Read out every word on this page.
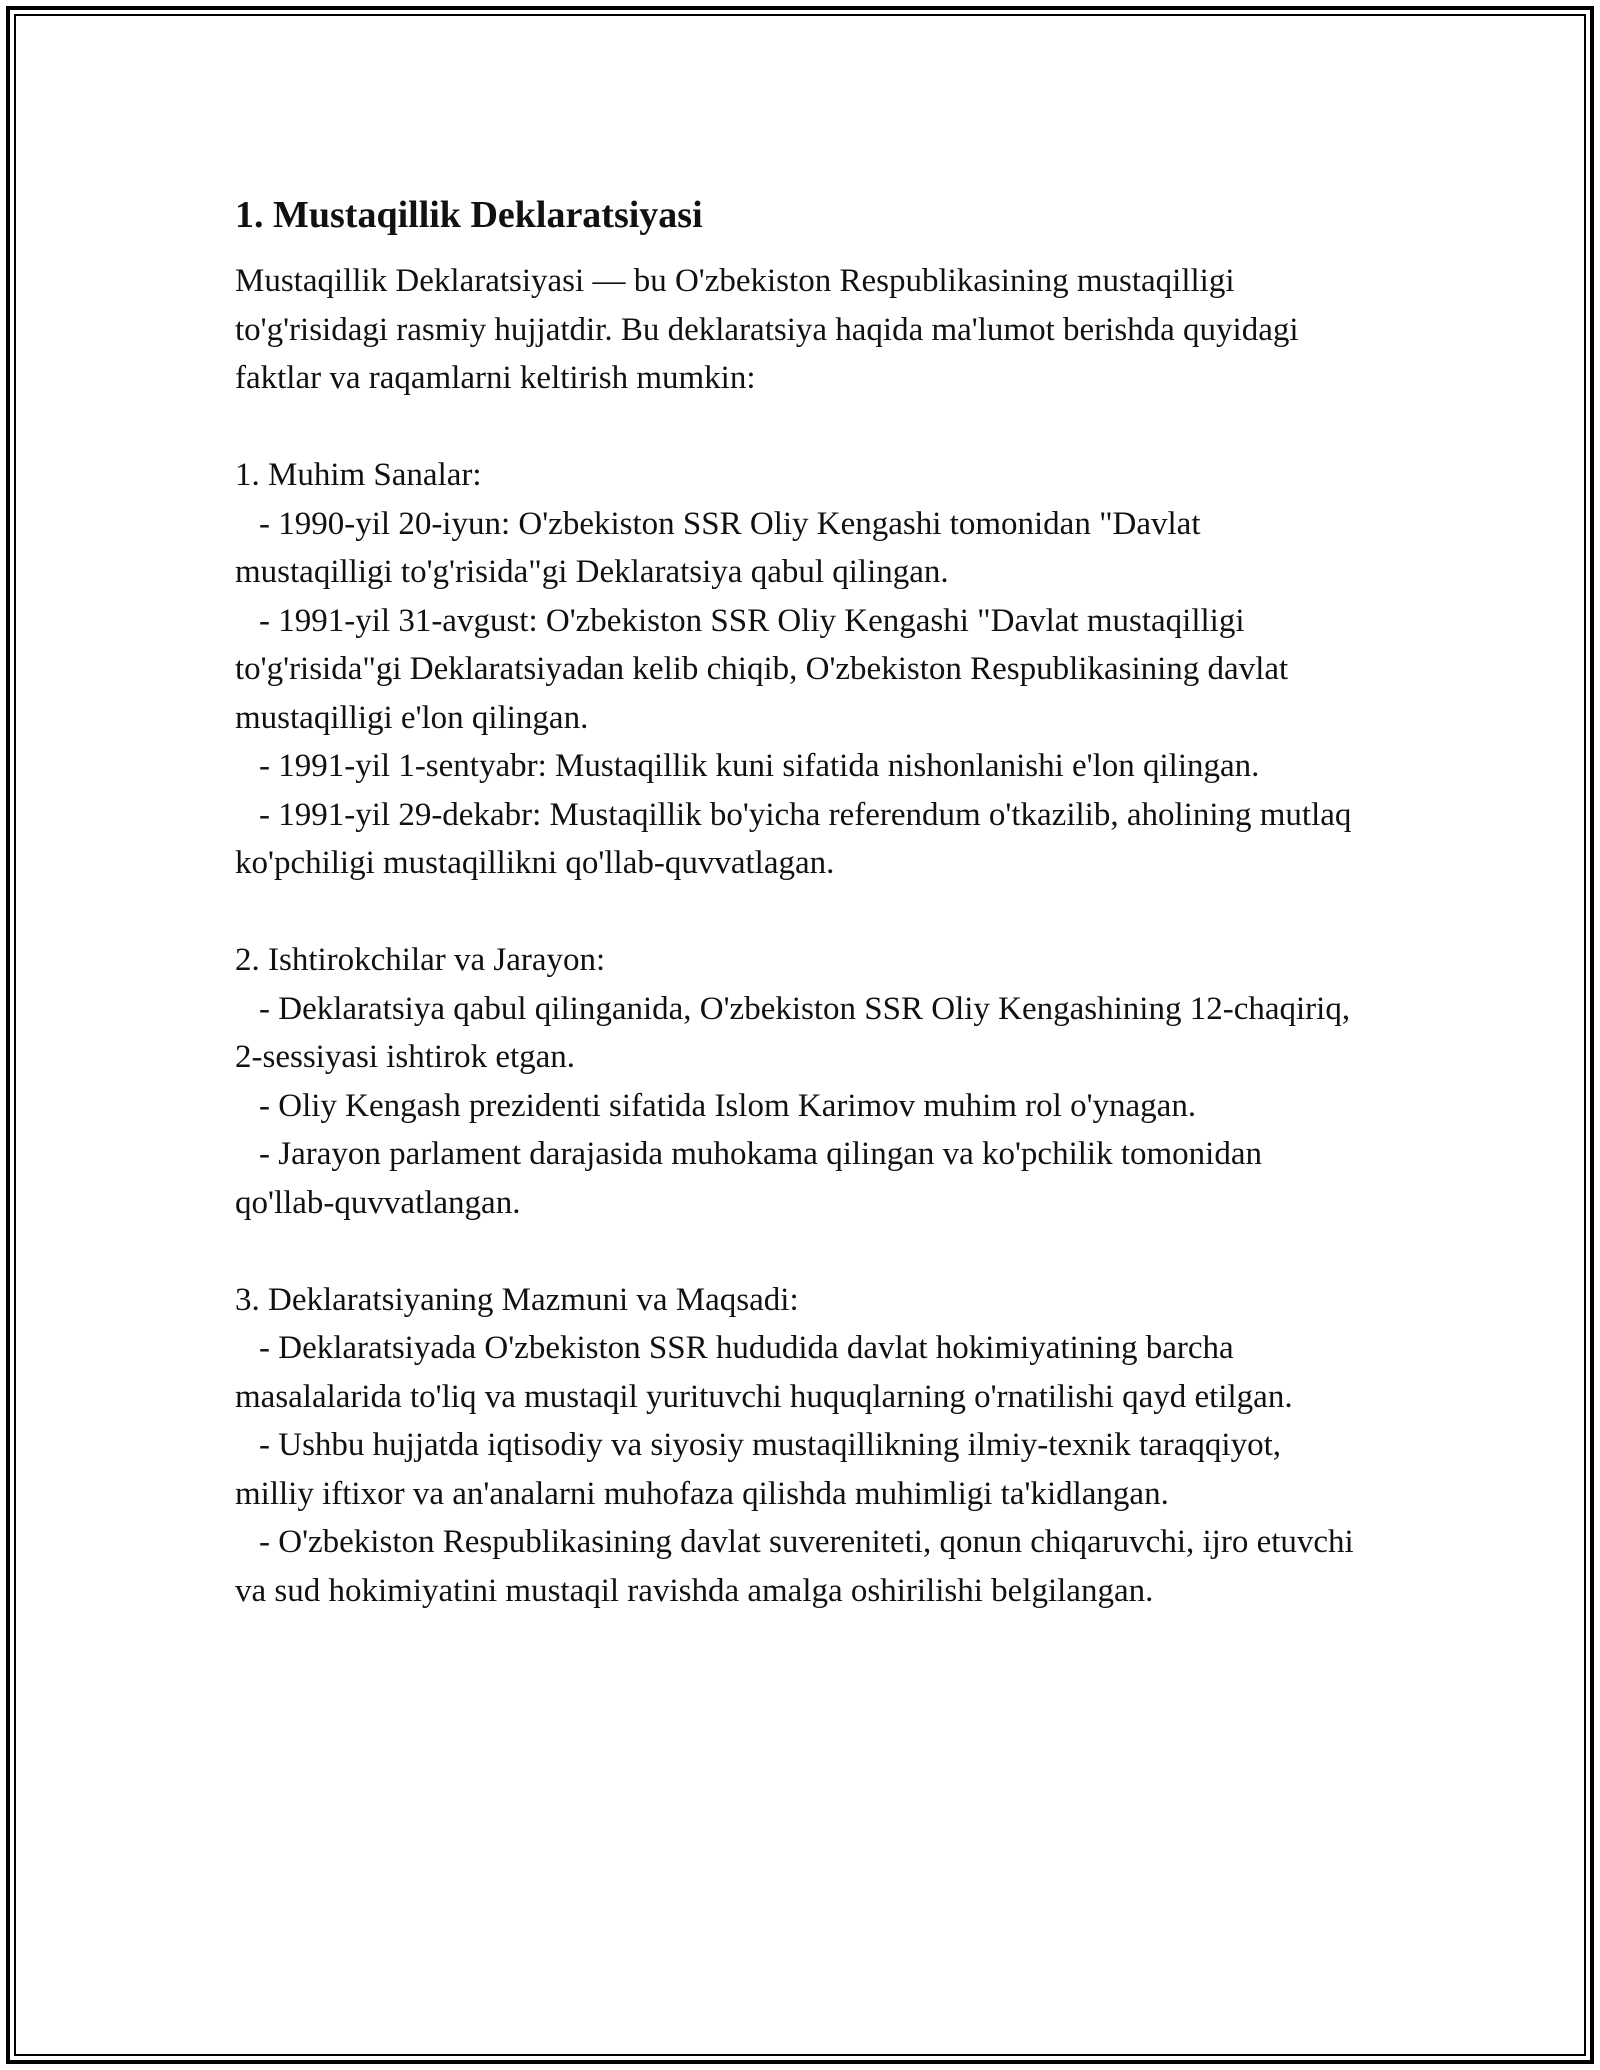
1. Mustaqillik Deklaratsiyasi

Mustaqillik Deklaratsiyasi — bu O'zbekiston Respublikasining mustaqilligi to'g'risidagi rasmiy hujjatdir. Bu deklaratsiya haqida ma'lumot berishda quyidagi faktlar va raqamlarni keltirish mumkin:

1. Muhim Sanalar:

- 1990-yil 20-iyun: O'zbekiston SSR Oliy Kengashi tomonidan "Davlat mustaqilligi to'g'risida"gi Deklaratsiya qabul qilingan.

- 1991-yil 31-avgust: O'zbekiston SSR Oliy Kengashi "Davlat mustaqilligi to'g'risida"gi Deklaratsiyadan kelib chiqib, O'zbekiston Respublikasining davlat mustaqilligi e'lon qilingan.

- 1991-yil 1-sentyabr: Mustaqillik kuni sifatida nishonlanishi e'lon qilingan.

- 1991-yil 29-dekabr: Mustaqillik bo'yicha referendum o'tkazilib, aholining mutlaq ko'pchiligi mustaqillikni qo'llab-quvvatlagan.

2. Ishtirokchilar va Jarayon:

- Deklaratsiya qabul qilinganida, O'zbekiston SSR Oliy Kengashining 12-chaqiriq, 2-sessiyasi ishtirok etgan.

- Oliy Kengash prezidenti sifatida Islom Karimov muhim rol o'ynagan.

- Jarayon parlament darajasida muhokama qilingan va ko'pchilik tomonidan qo'llab-quvvatlangan.

3. Deklaratsiyaning Mazmuni va Maqsadi:

- Deklaratsiyada O'zbekiston SSR hududida davlat hokimiyatining barcha masalalarida to'liq va mustaqil yurituvchi huquqlarning o'rnatilishi qayd etilgan.

- Ushbu hujjatda iqtisodiy va siyosiy mustaqillikning ilmiy-texnik taraqqiyot, milliy iftixor va an'analarni muhofaza qilishda muhimligi ta'kidlangan.

- O'zbekiston Respublikasining davlat suvereniteti, qonun chiqaruvchi, ijro etuvchi va sud hokimiyatini mustaqil ravishda amalga oshirilishi belgilangan.
